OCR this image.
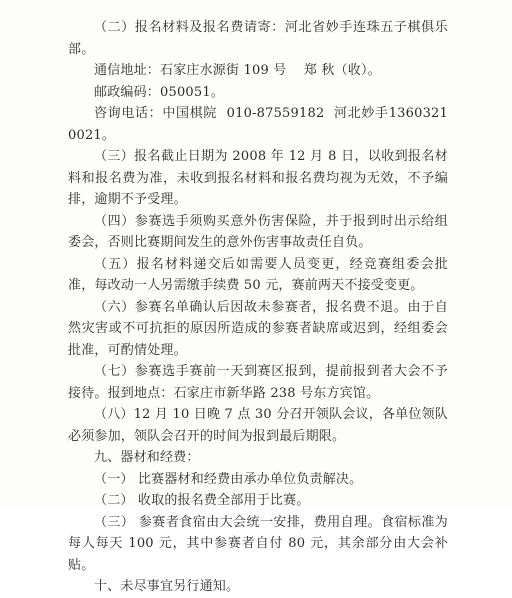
（二）报名材料及报名费请寄：河北省妙手连珠五子棋俱乐部。

通信地址：石家庄水源街 109 号    郑 秋（收）。

邮政编码：050051。

咨询电话：中国棋院  010-87559182  河北妙手13603210021。

（三）报名截止日期为 2008 年 12 月 8 日，以收到报名材料和报名费为准，未收到报名材料和报名费均视为无效，不予编排，逾期不予受理。

（四）参赛选手须购买意外伤害保险，并于报到时出示给组委会，否则比赛期间发生的意外伤害事故责任自负。

（五）报名材料递交后如需要人员变更，经竞赛组委会批准，每改动一人另需缴手续费 50 元，赛前两天不接受变更。

（六）参赛名单确认后因故未参赛者，报名费不退。由于自然灾害或不可抗拒的原因所造成的参赛者缺席或迟到，经组委会批准，可酌情处理。

（七）参赛选手赛前一天到赛区报到，提前报到者大会不予接待。报到地点：石家庄市新华路 238 号东方宾馆。

（八）12 月 10 日晚 7 点 30 分召开领队会议，各单位领队必须参加，领队会召开的时间为报到最后期限。

九、器材和经费：

（一） 比赛器材和经费由承办单位负责解决。

（二） 收取的报名费全部用于比赛。

（三） 参赛者食宿由大会统一安排，费用自理。食宿标准为每人每天 100 元，其中参赛者自付 80 元，其余部分由大会补贴。

十、未尽事宜另行通知。
